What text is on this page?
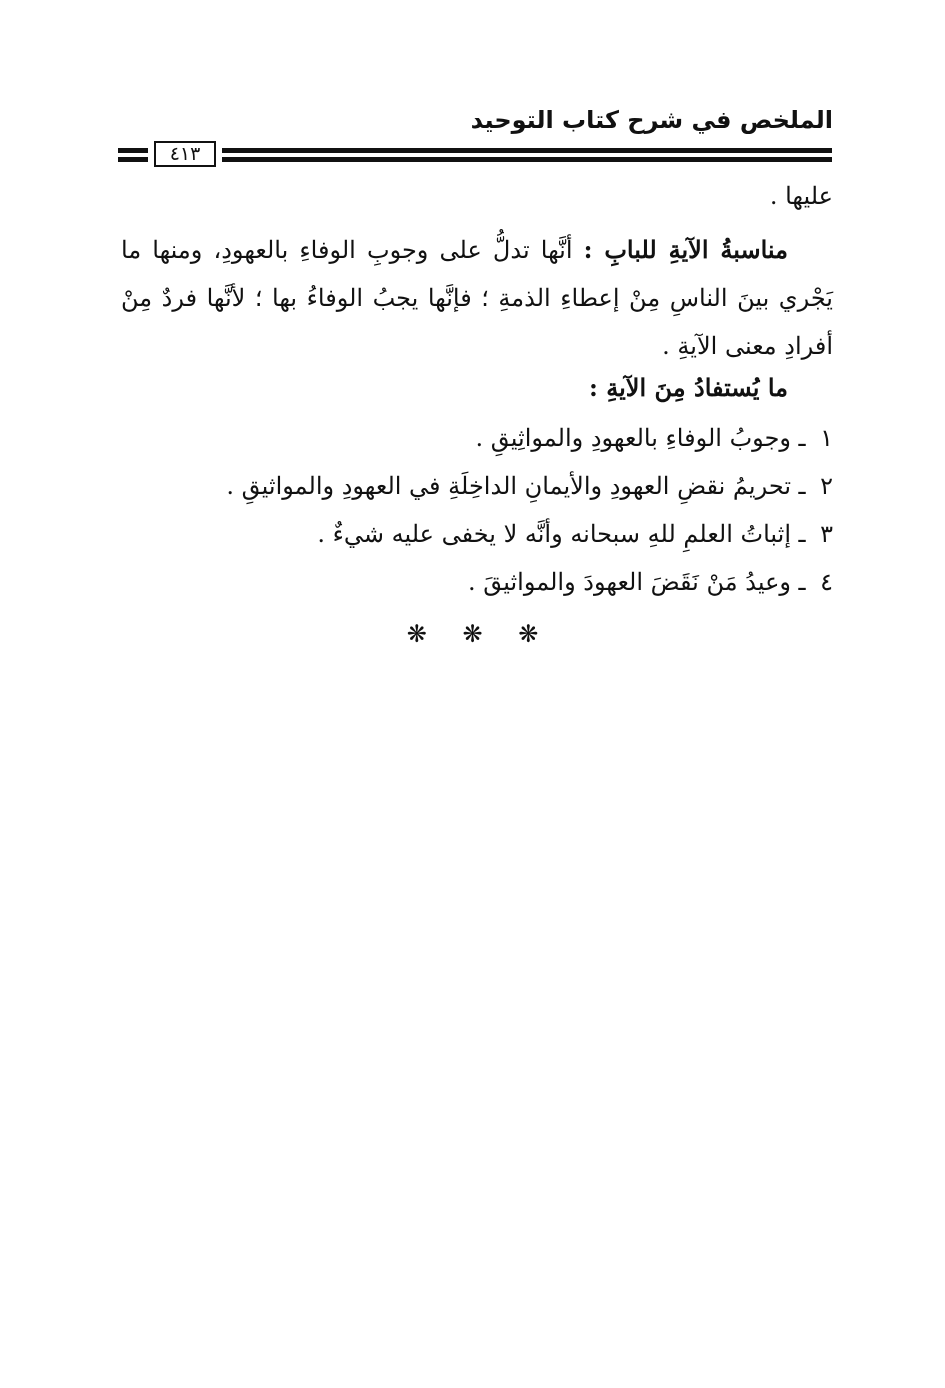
الملخص في شرح كتاب التوحيد
٤١٣
عليها .

مناسبةُ الآيةِ للبابِ : أنَّها تدلُّ على وجوبِ الوفاءِ بالعهودِ، ومنها ما يَجْري بينَ الناسِ مِنْ إعطاءِ الذمةِ ؛ فإنَّها يجبُ الوفاءُ بها ؛ لأنَّها فردٌ مِنْ أفرادِ معنى الآيةِ .

ما يُستفادُ مِنَ الآيةِ :
١
ـ
وجوبُ الوفاءِ بالعهودِ والمواثِيقِ .
٢
ـ
تحريمُ نقضِ العهودِ والأيمانِ الداخِلَةِ في العهودِ والمواثيقِ .
٣
ـ
إثباتُ العلمِ للهِ سبحانه وأنَّه لا يخفى عليه شيءٌ .
٤
ـ
وعيدُ مَنْ نَقَضَ العهودَ والمواثيقَ .
❋ ❋ ❋
